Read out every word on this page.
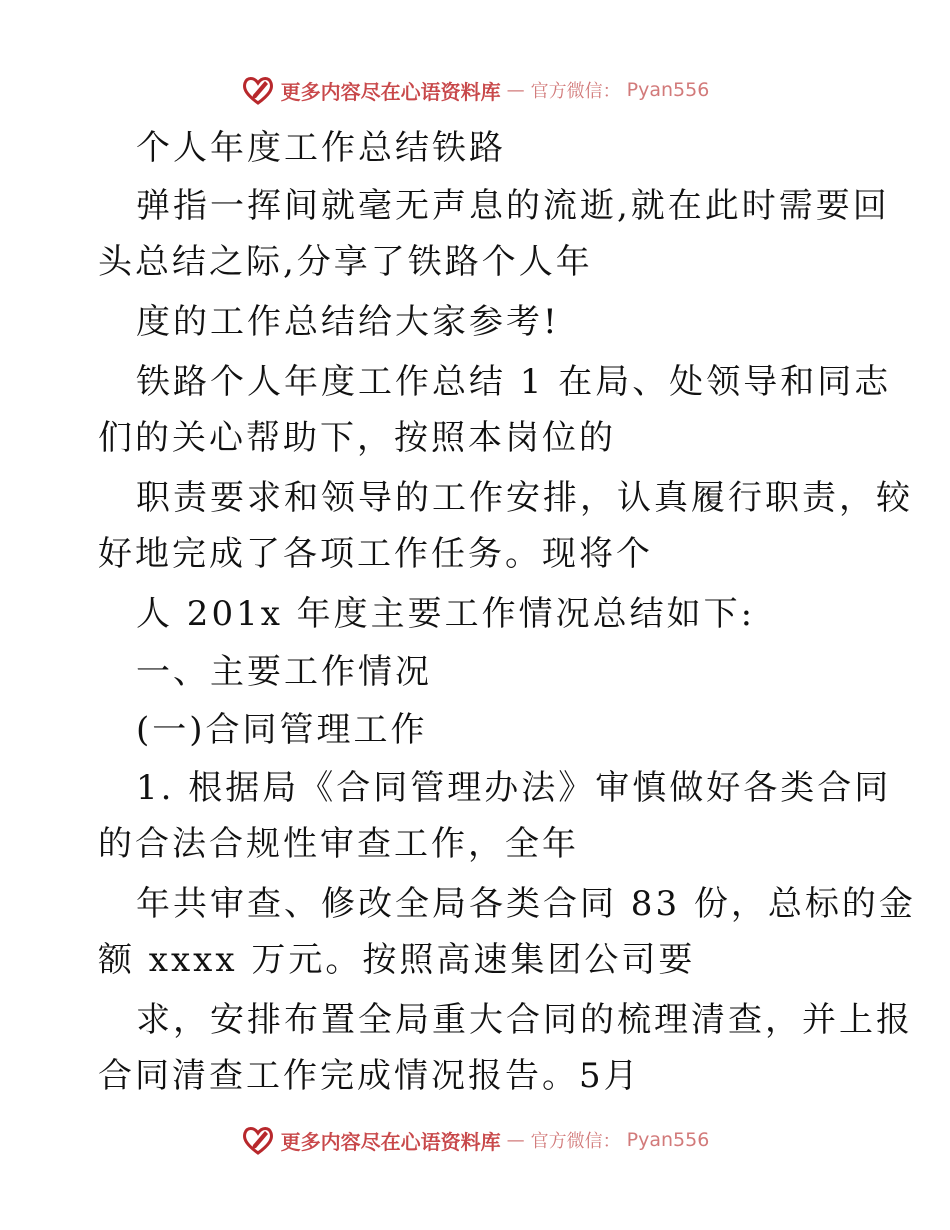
更多内容尽在心语资料库 — 官方微信： Pyan556
个人年度工作总结铁路
弹指一挥间就毫无声息的流逝,就在此时需要回
头总结之际,分享了铁路个人年
度的工作总结给大家参考!
铁路个人年度工作总结 1 在局、处领导和同志
们的关心帮助下，按照本岗位的
职责要求和领导的工作安排，认真履行职责，较
好地完成了各项工作任务。现将个
人 201x 年度主要工作情况总结如下:
一、主要工作情况
(一)合同管理工作
1. 根据局《合同管理办法》审慎做好各类合同
的合法合规性审查工作，全年
年共审查、修改全局各类合同 83 份，总标的金
额 xxxx 万元。按照高速集团公司要
求，安排布置全局重大合同的梳理清查，并上报
合同清查工作完成情况报告。5月
更多内容尽在心语资料库 — 官方微信： Pyan556
